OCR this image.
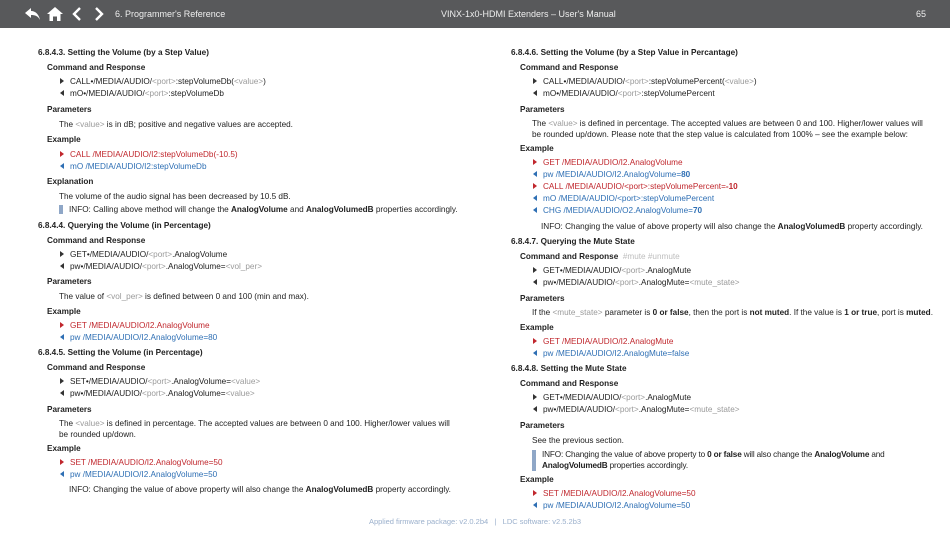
6. Programmer's Reference	VINX-1x0-HDMI Extenders – User's Manual	65
6.8.4.3. Setting the Volume (by a Step Value)
Command and Response
CALL•/MEDIA/AUDIO/<port>:stepVolumeDb(<value>)
mO•/MEDIA/AUDIO/<port>:stepVolumeDb
Parameters
The <value> is in dB; positive and negative values are accepted.
Example
CALL /MEDIA/AUDIO/I2:stepVolumeDb(-10.5)
mO /MEDIA/AUDIO/I2:stepVolumeDb
Explanation
The volume of the audio signal has been decreased by 10.5 dB.
INFO: Calling above method will change the AnalogVolume and AnalogVolumedB properties accordingly.
6.8.4.4. Querying the Volume (in Percentage)
Command and Response
GET•/MEDIA/AUDIO/<port>.AnalogVolume
pw•/MEDIA/AUDIO/<port>.AnalogVolume=<vol_per>
Parameters
The value of <vol_per> is defined between 0 and 100 (min and max).
Example
GET /MEDIA/AUDIO/I2.AnalogVolume
pw /MEDIA/AUDIO/I2.AnalogVolume=80
6.8.4.5. Setting the Volume (in Percentage)
Command and Response
SET•/MEDIA/AUDIO/<port>.AnalogVolume=<value>
pw•/MEDIA/AUDIO/<port>.AnalogVolume=<value>
Parameters
The <value> is defined in percentage. The accepted values are between 0 and 100. Higher/lower values will be rounded up/down.
Example
SET /MEDIA/AUDIO/I2.AnalogVolume=50
pw /MEDIA/AUDIO/I2.AnalogVolume=50
INFO: Changing the value of above property will also change the AnalogVolumedB property accordingly.
6.8.4.6. Setting the Volume (by a Step Value in Percantage)
Command and Response
CALL•/MEDIA/AUDIO/<port>:stepVolumePercent(<value>)
mO•/MEDIA/AUDIO/<port>:stepVolumePercent
Parameters
The <value> is defined in percentage. The accepted values are between 0 and 100. Higher/lower values will be rounded up/down. Please note that the step value is calculated from 100% – see the example below:
Example
GET /MEDIA/AUDIO/I2.AnalogVolume
pw /MEDIA/AUDIO/I2.AnalogVolume=80
CALL /MEDIA/AUDIO/<port>:stepVolumePercent=-10
mO /MEDIA/AUDIO/<port>:stepVolumePercent
CHG /MEDIA/AUDIO/O2.AnalogVolume=70
INFO: Changing the value of above property will also change the AnalogVolumedB property accordingly.
6.8.4.7. Querying the Mute State
Command and Response #mute #unmute
GET•/MEDIA/AUDIO/<port>.AnalogMute
pw•/MEDIA/AUDIO/<port>.AnalogMute=<mute_state>
Parameters
If the <mute_state> parameter is 0 or false, then the port is not muted. If the value is 1 or true, port is muted.
Example
GET /MEDIA/AUDIO/I2.AnalogMute
pw /MEDIA/AUDIO/I2.AnalogMute=false
6.8.4.8. Setting the Mute State
Command and Response
GET•/MEDIA/AUDIO/<port>.AnalogMute
pw•/MEDIA/AUDIO/<port>.AnalogMute=<mute_state>
Parameters
See the previous section.
INFO: Changing the value of above property to 0 or false will also change the AnalogVolume and AnalogVolumedB properties accordingly.
Example
SET /MEDIA/AUDIO/I2.AnalogVolume=50
pw /MEDIA/AUDIO/I2.AnalogVolume=50
Applied firmware package: v2.0.2b4 | LDC software: v2.5.2b3
